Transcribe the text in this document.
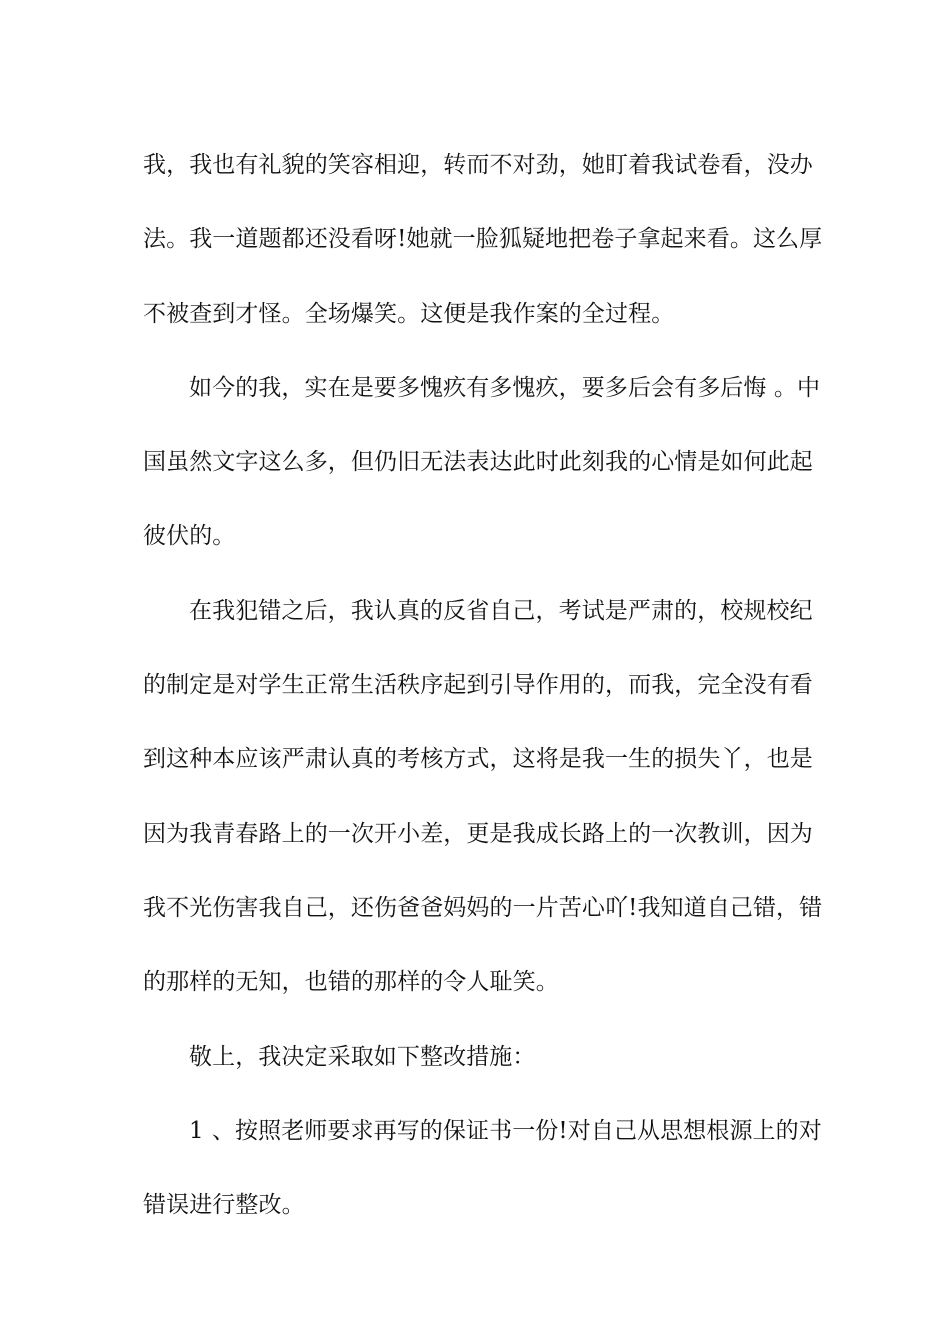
我，我也有礼貌的笑容相迎，转而不对劲，她盯着我试卷看，没办
法。我一道题都还没看呀!她就一脸狐疑地把卷子拿起来看。这么厚
不被查到才怪。全场爆笑。这便是我作案的全过程。
如今的我，实在是要多愧疚有多愧疚，要多后会有多后悔 。中
国虽然文字这么多，但仍旧无法表达此时此刻我的心情是如何此起
彼伏的。
在我犯错之后，我认真的反省自己，考试是严肃的，校规校纪
的制定是对学生正常生活秩序起到引导作用的，而我，完全没有看
到这种本应该严肃认真的考核方式，这将是我一生的损失丫，也是
因为我青春路上的一次开小差，更是我成长路上的一次教训，因为
我不光伤害我自己，还伤爸爸妈妈的一片苦心吖!我知道自己错，错
的那样的无知，也错的那样的令人耻笑。
敬上，我决定采取如下整改措施：
1、按照老师要求再写的保证书一份!对自己从思想根源上的对
错误进行整改。
